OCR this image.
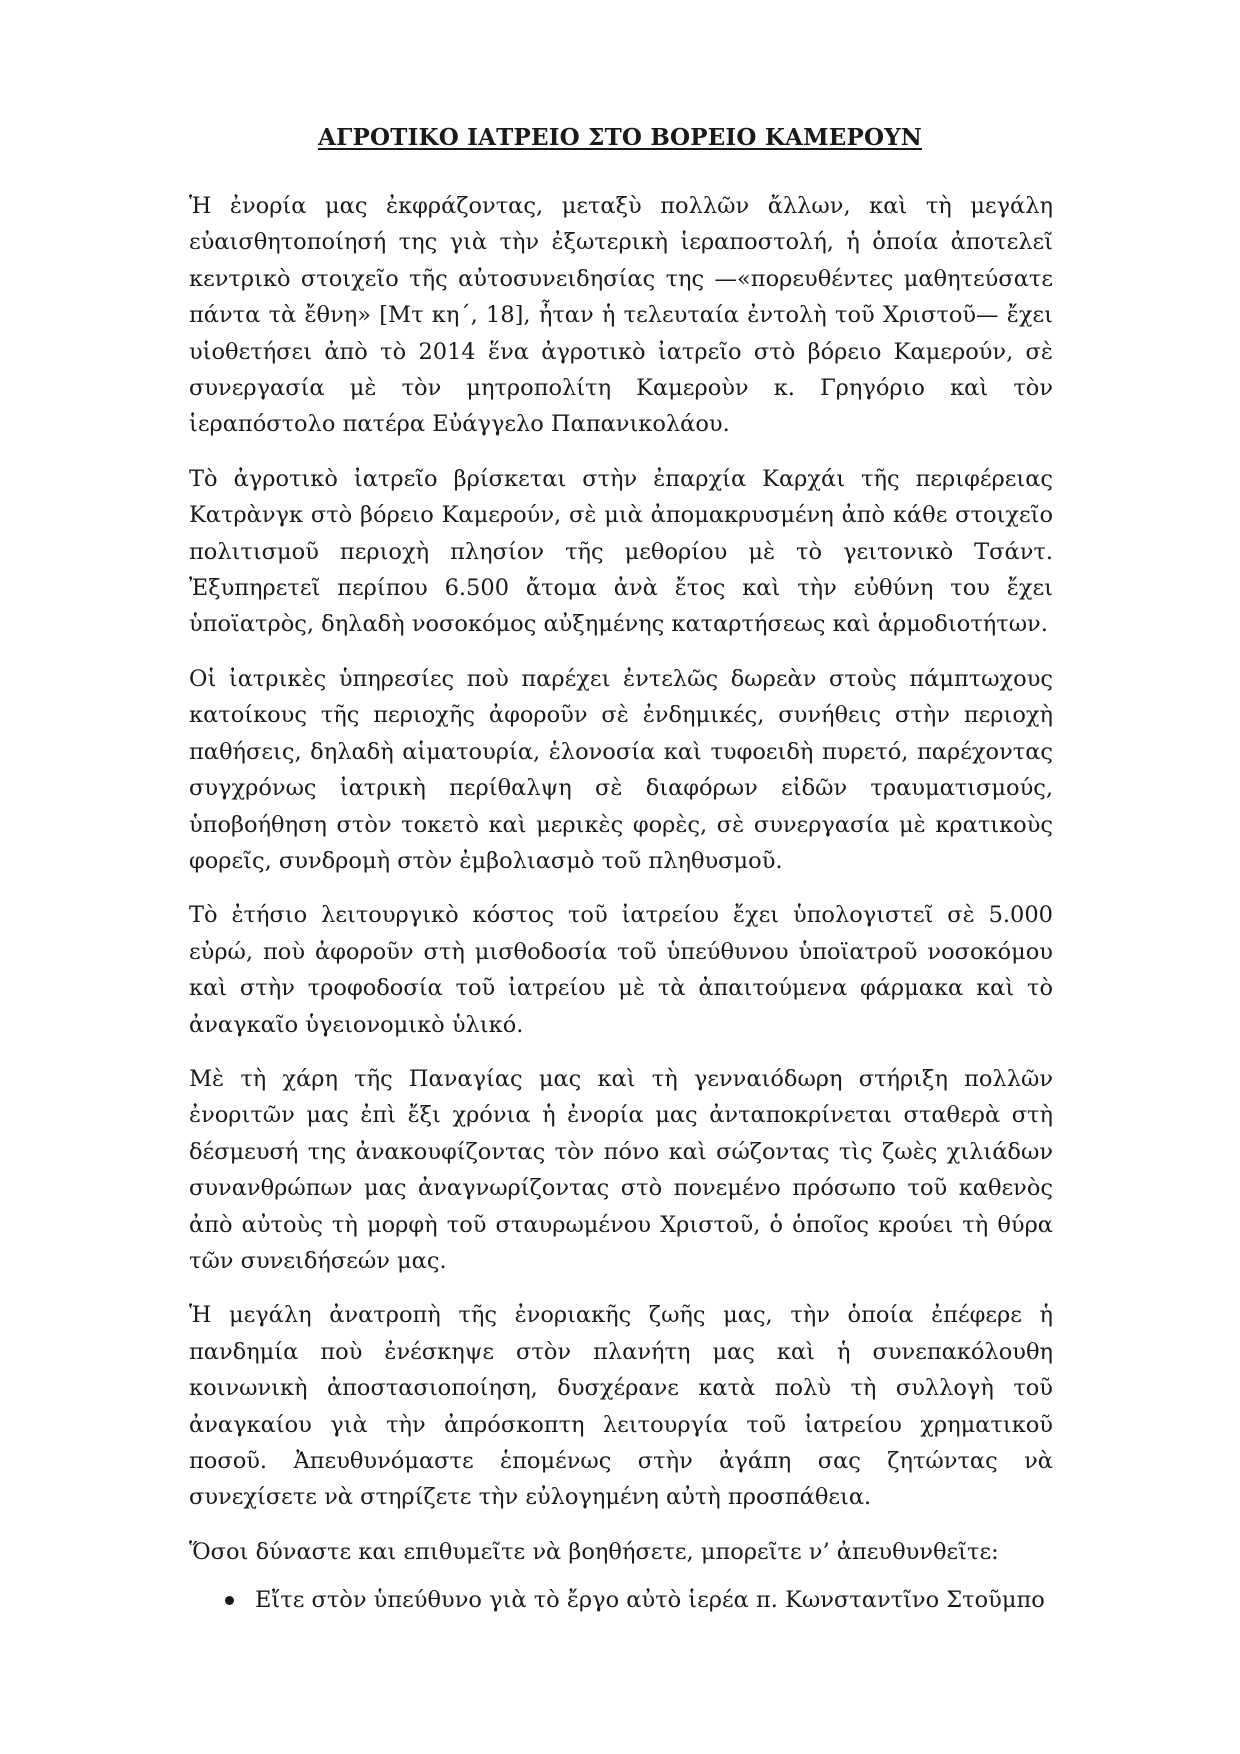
ΑΓΡΟΤΙΚΟ ΙΑΤΡΕΙΟ ΣΤΟ ΒΟΡΕΙΟ ΚΑΜΕΡΟΥΝ

Ἡ ἐνορία μας ἐκφράζοντας, μεταξὺ πολλῶν ἄλλων, καὶ τὴ μεγάλη εὐαισθητοποίησή της γιὰ τὴν ἐξωτερικὴ ἱεραποστολή, ἡ ὁποία ἀποτελεῖ κεντρικὸ στοιχεῖο τῆς αὐτοσυνειδησίας της —«πορευθέντες μαθητεύσατε πάντα τὰ ἔθνη» [Μτ κη΄, 18], ἦταν ἡ τελευταία ἐντολὴ τοῦ Χριστοῦ— ἔχει υἱοθετήσει ἀπὸ τὸ 2014 ἕνα ἀγροτικὸ ἰατρεῖο στὸ βόρειο Καμερούν, σὲ συνεργασία μὲ τὸν μητροπολίτη Καμεροὺν κ. Γρηγόριο καὶ τὸν ἱεραπόστολο πατέρα Εὐάγγελο Παπανικολάου.

Τὸ ἀγροτικὸ ἰατρεῖο βρίσκεται στὴν ἐπαρχία Καρχάι τῆς περιφέρειας Κατρὰνγκ στὸ βόρειο Καμερούν, σὲ μιὰ ἀπομακρυσμένη ἀπὸ κάθε στοιχεῖο πολιτισμοῦ περιοχὴ πλησίον τῆς μεθορίου μὲ τὸ γειτονικὸ Τσάντ. Ἐξυπηρετεῖ περίπου 6.500 ἄτομα ἀνὰ ἔτος καὶ τὴν εὐθύνη του ἔχει ὑποϊατρὸς, δηλαδὴ νοσοκόμος αὐξημένης καταρτήσεως καὶ ἁρμοδιοτήτων.

Οἱ ἰατρικὲς ὑπηρεσίες ποὺ παρέχει ἐντελῶς δωρεὰν στοὺς πάμπτωχους κατοίκους τῆς περιοχῆς ἀφοροῦν σὲ ἐνδημικές, συνήθεις στὴν περιοχὴ παθήσεις, δηλαδὴ αἱματουρία, ἑλονοσία καὶ τυφοειδὴ πυρετό, παρέχοντας συγχρόνως ἰατρικὴ περίθαλψη σὲ διαφόρων εἰδῶν τραυματισμούς, ὑποβοήθηση στὸν τοκετὸ καὶ μερικὲς φορὲς, σὲ συνεργασία μὲ κρατικοὺς φορεῖς, συνδρομὴ στὸν ἐμβολιασμὸ τοῦ πληθυσμοῦ.

Τὸ ἐτήσιο λειτουργικὸ κόστος τοῦ ἰατρείου ἔχει ὑπολογιστεῖ σὲ 5.000 εὐρώ, ποὺ ἀφοροῦν στὴ μισθοδοσία τοῦ ὑπεύθυνου ὑποϊατροῦ νοσοκόμου καὶ στὴν τροφοδοσία τοῦ ἰατρείου μὲ τὰ ἀπαιτούμενα φάρμακα καὶ τὸ ἀναγκαῖο ὑγειονομικὸ ὑλικό.

Μὲ τὴ χάρη τῆς Παναγίας μας καὶ τὴ γενναιόδωρη στήριξη πολλῶν ἐνοριτῶν μας ἐπὶ ἔξι χρόνια ἡ ἐνορία μας ἀνταποκρίνεται σταθερὰ στὴ δέσμευσή της ἀνακουφίζοντας τὸν πόνο καὶ σώζοντας τὶς ζωὲς χιλιάδων συνανθρώπων μας ἀναγνωρίζοντας στὸ πονεμένο πρόσωπο τοῦ καθενὸς ἀπὸ αὐτοὺς τὴ μορφὴ τοῦ σταυρωμένου Χριστοῦ, ὁ ὁποῖος κρούει τὴ θύρα τῶν συνειδήσεών μας.

Ἡ μεγάλη ἀνατροπὴ τῆς ἐνοριακῆς ζωῆς μας, τὴν ὁποία ἐπέφερε ἡ πανδημία ποὺ ἐνέσκηψε στὸν πλανήτη μας καὶ ἡ συνεπακόλουθη κοινωνικὴ ἀποστασιοποίηση, δυσχέρανε κατὰ πολὺ τὴ συλλογὴ τοῦ ἀναγκαίου γιὰ τὴν ἀπρόσκοπτη λειτουργία τοῦ ἰατρείου χρηματικοῦ ποσοῦ. Ἀπευθυνόμαστε ἑπομένως στὴν ἀγάπη σας ζητώντας νὰ συνεχίσετε νὰ στηρίζετε τὴν εὐλογημένη αὐτὴ προσπάθεια.

Ὅσοι δύναστε και επιθυμεῖτε νὰ βοηθήσετε, μπορεῖτε ν’ ἀπευθυνθεῖτε:

Εἴτε στὸν ὑπεύθυνο γιὰ τὸ ἔργο αὐτὸ ἱερέα π. Κωνσταντῖνο Στοῦμπο
